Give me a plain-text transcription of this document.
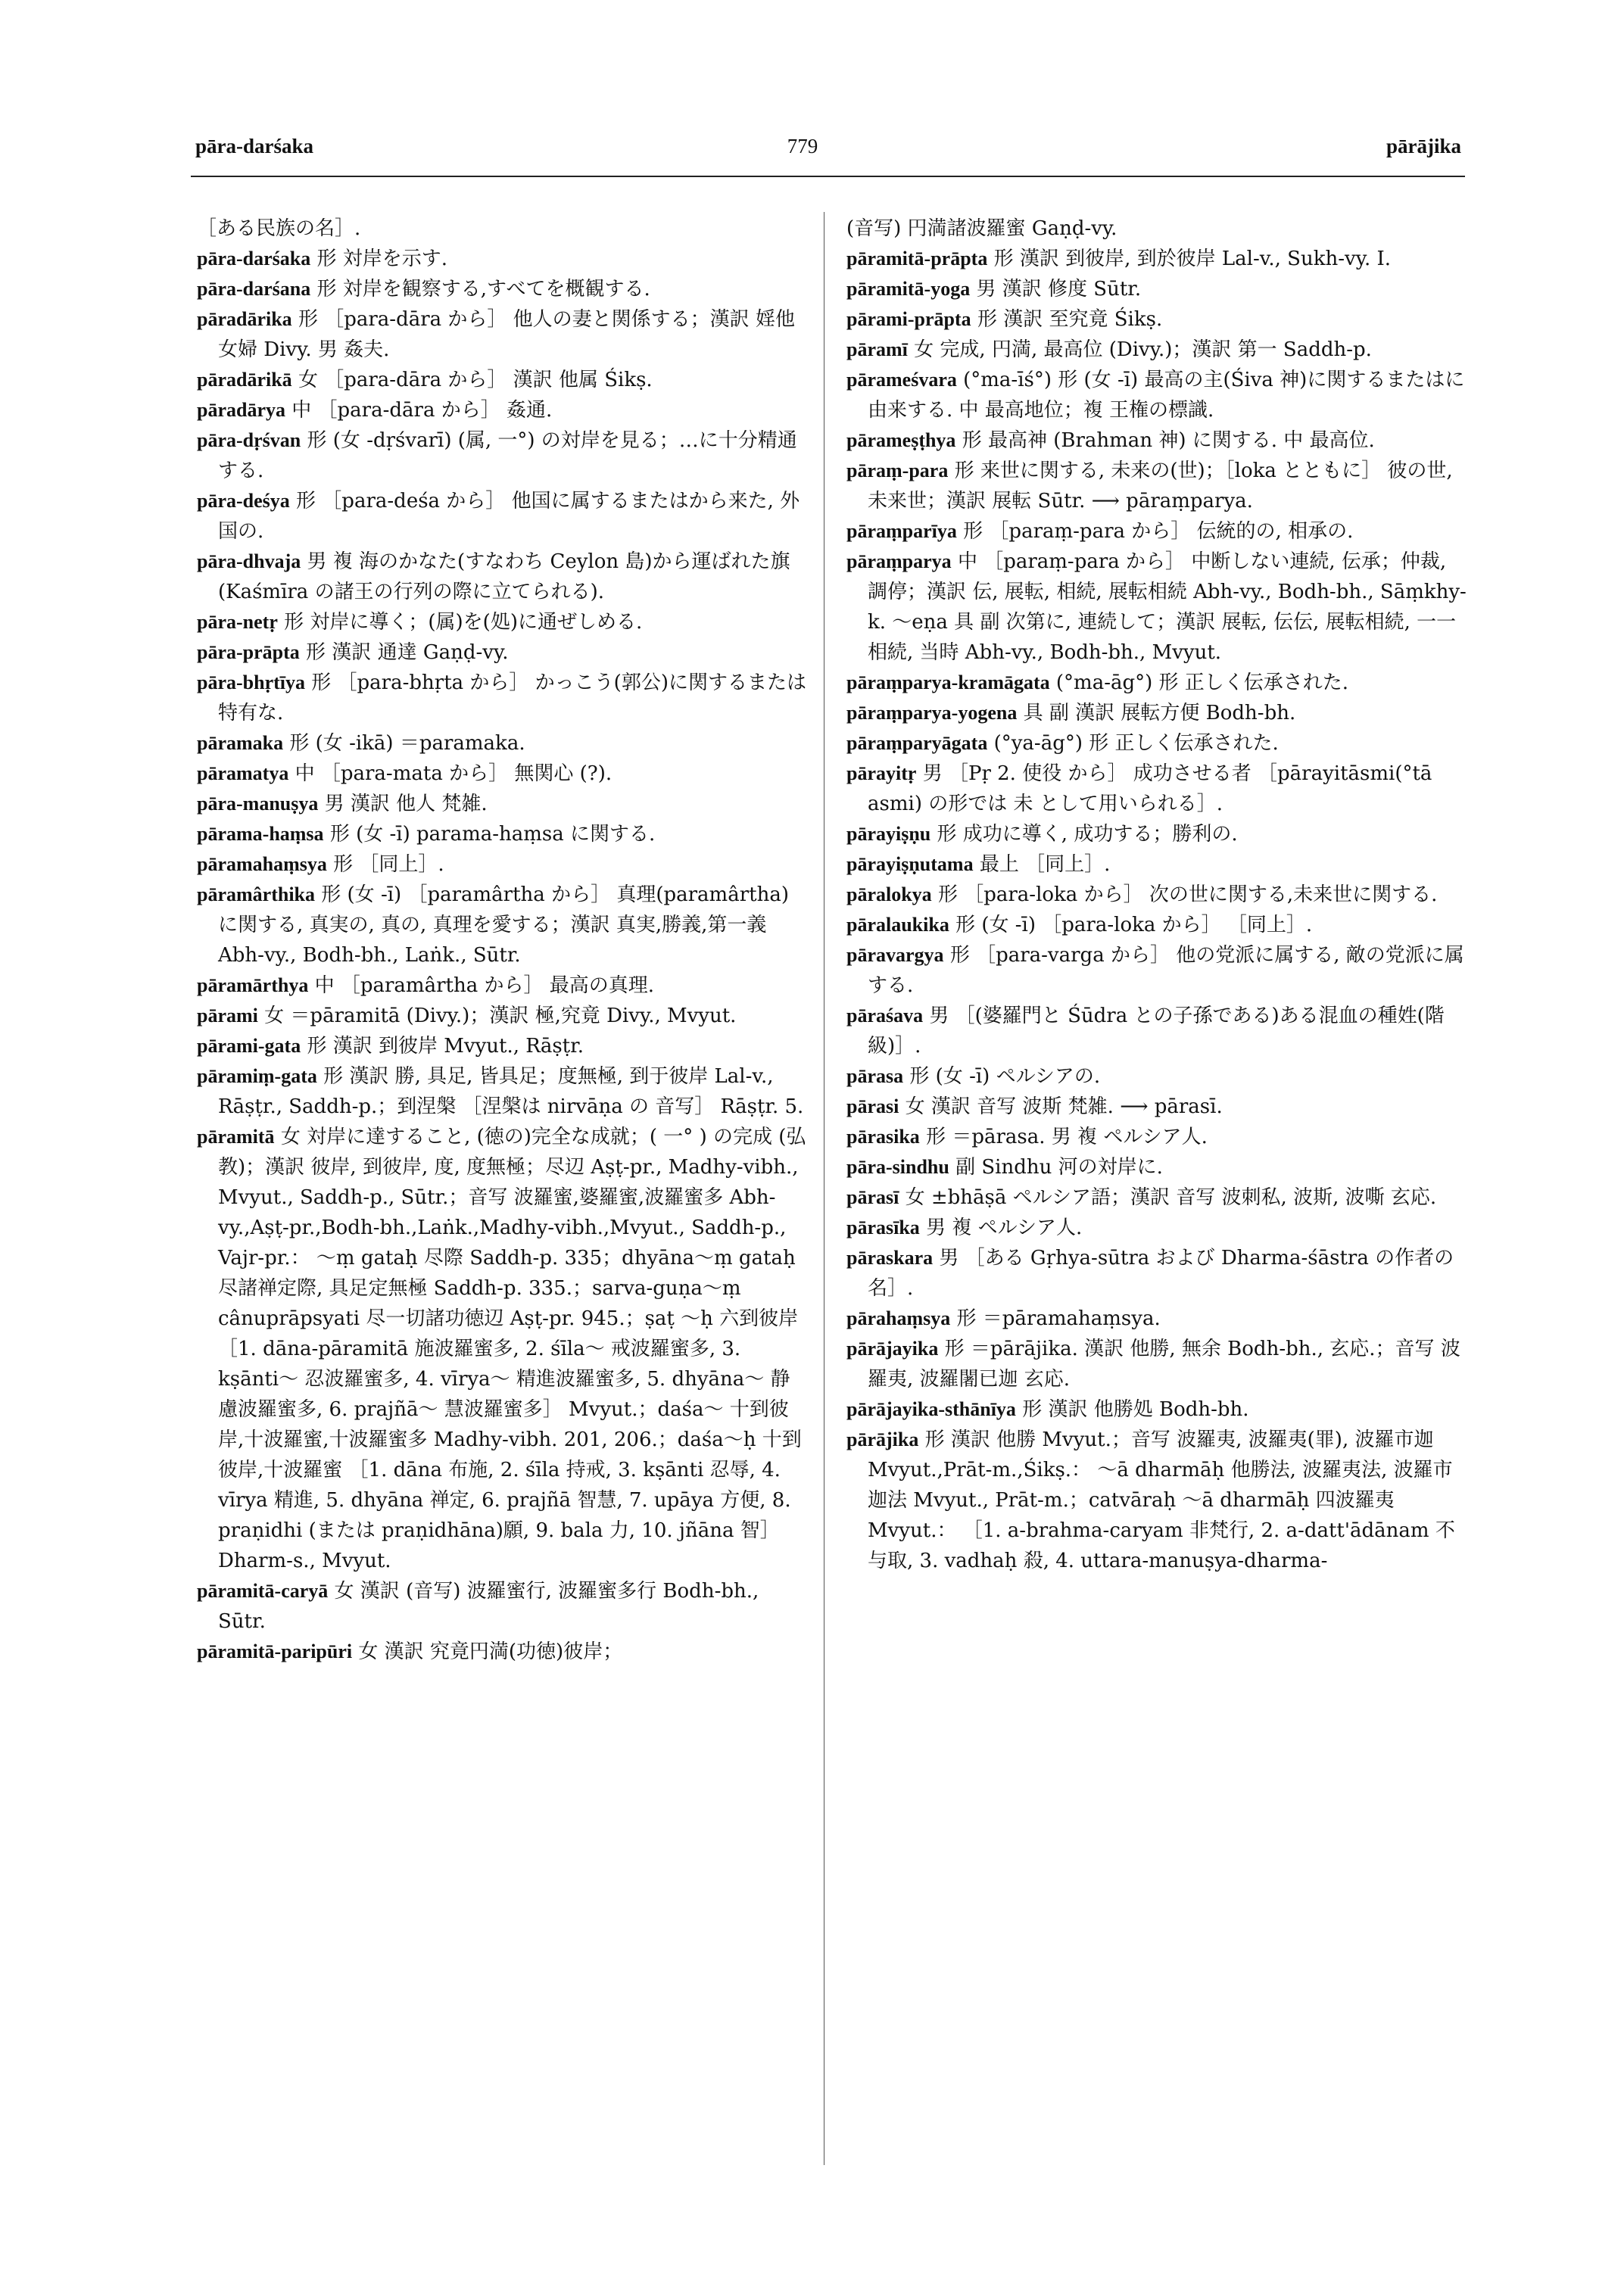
pāra-darśaka	779	pārājika
［ある民族の名］.
pāra-darśaka 形 対岸を示す.
pāra-darśana 形 対岸を観察する,すべてを概観する.
pāradārika 形 ［para-dāra から］ 他人の妻と関係する；漢訳 婬他女婦 Divy. 男 姦夫.
pāradārikā 女 ［para-dāra から］ 漢訳 他属 Śikṣ.
pāradārya 中 ［para-dāra から］ 姦通.
pāra-dṛśvan 形 (女 -dṛśvarī) (属, 一°) の対岸を見る；…に十分精通する.
pāra-deśya 形 ［para-deśa から］ 他国に属するまたはから来た, 外国の.
pāra-dhvaja 男 複 海のかなた(すなわち Ceylon 島)から運ばれた旗(Kaśmīra の諸王の行列の際に立てられる).
pāra-netṛ 形 対岸に導く；(属)を(処)に通ぜしめる.
pāra-prāpta 形 漢訳 通達 Gaṇḍ-vy.
pāra-bhṛtīya 形 ［para-bhṛta から］ かっこう(郭公)に関するまたは特有な.
pāramaka 形 (女 -ikā) ＝paramaka.
pāramatya 中 ［para-mata から］ 無関心 (?).
pāra-manuṣya 男 漢訳 他人 梵雑.
pārama-haṃsa 形 (女 -ī) parama-haṃsa に関する.
pāramahaṃsya 形 ［同上］.
pāramârthika 形 (女 -ī) ［paramârtha から］ 真理(paramârtha) に関する, 真実の, 真の, 真理を愛する；漢訳 真実,勝義,第一義 Abh-vy., Bodh-bh., Laṅk., Sūtr.
pāramārthya 中 ［paramârtha から］ 最高の真理.
pārami 女 ＝pāramitā (Divy.)；漢訳 極,究竟 Divy., Mvyut.
pārami-gata 形 漢訳 到彼岸 Mvyut., Rāṣṭr.
pāramiṃ-gata 形 漢訳 勝, 具足, 皆具足；度無極, 到于彼岸 Lal-v., Rāṣṭr., Saddh-p.；到涅槃 ［涅槃は nirvāṇa の 音写］ Rāṣṭr. 5.
pāramitā 女 対岸に達すること, (徳の)完全な成就；( 一° ) の完成 (弘教)；漢訳 彼岸, 到彼岸, 度, 度無極；尽辺 Aṣṭ-pr., Madhy-vibh., Mvyut., Saddh-p., Sūtr.；音写 波羅蜜,婆羅蜜,波羅蜜多 Abh-vy.,Aṣṭ-pr.,Bodh-bh.,Laṅk.,Madhy-vibh.,Mvyut., Saddh-p., Vajr-pr.： ～ṃ gataḥ 尽際 Saddh-p. 335；dhyāna～ṃ gataḥ 尽諸禅定際, 具足定無極 Saddh-p. 335.；sarva-guṇa～ṃ cânuprāpsyati 尽一切諸功徳辺 Aṣṭ-pr. 945.；ṣaṭ ～ḥ 六到彼岸 ［1. dāna-pāramitā 施波羅蜜多, 2. śīla～ 戒波羅蜜多, 3. kṣānti～ 忍波羅蜜多, 4. vīrya～ 精進波羅蜜多, 5. dhyāna～ 静慮波羅蜜多, 6. prajñā～ 慧波羅蜜多］ Mvyut.；daśa～ 十到彼岸,十波羅蜜,十波羅蜜多 Madhy-vibh. 201, 206.；daśa～ḥ 十到彼岸,十波羅蜜 ［1. dāna 布施, 2. śīla 持戒, 3. kṣānti 忍辱, 4. vīrya 精進, 5. dhyāna 禅定, 6. prajñā 智慧, 7. upāya 方便, 8. praṇidhi (または praṇidhāna)願, 9. bala 力, 10. jñāna 智］ Dharm-s., Mvyut.
pāramitā-caryā 女 漢訳 (音写) 波羅蜜行, 波羅蜜多行 Bodh-bh., Sūtr.
pāramitā-paripūri 女 漢訳 究竟円満(功徳)彼岸；
(音写) 円満諸波羅蜜 Gaṇḍ-vy.
pāramitā-prāpta 形 漢訳 到彼岸, 到於彼岸 Lal-v., Sukh-vy. I.
pāramitā-yoga 男 漢訳 修度 Sūtr.
pārami-prāpta 形 漢訳 至究竟 Śikṣ.
pāramī 女 完成, 円満, 最高位 (Divy.)；漢訳 第一 Saddh-p.
pārameśvara (°ma-īś°) 形 (女 -ī) 最高の主(Śiva 神)に関するまたはに由来する. 中 最高地位；複 王権の標識.
pārameṣṭhya 形 最高神 (Brahman 神) に関する. 中 最高位.
pāraṃ-para 形 来世に関する, 未来の(世)；［loka とともに］ 彼の世, 未来世；漢訳 展転 Sūtr. ⟶ pāraṃparya.
pāraṃparīya 形 ［paraṃ-para から］ 伝統的の, 相承の.
pāraṃparya 中 ［paraṃ-para から］ 中断しない連続, 伝承；仲裁, 調停；漢訳 伝, 展転, 相続, 展転相続 Abh-vy., Bodh-bh., Sāṃkhy-k. ～eṇa 具 副 次第に, 連続して；漢訳 展転, 伝伝, 展転相続, 一一相続, 当時 Abh-vy., Bodh-bh., Mvyut.
pāraṃparya-kramāgata (°ma-āg°) 形 正しく伝承された.
pāraṃparya-yogena 具 副 漢訳 展転方便 Bodh-bh.
pāraṃparyāgata (°ya-āg°) 形 正しく伝承された.
pārayitṛ 男 ［Pṛ 2. 使役 から］ 成功させる者 ［pārayitāsmi(°tā asmi) の形では 未 として用いられる］.
pārayiṣṇu 形 成功に導く, 成功する；勝利の.
pārayiṣṇutama 最上 ［同上］.
pāralokya 形 ［para-loka から］ 次の世に関する,未来世に関する.
pāralaukika 形 (女 -ī) ［para-loka から］ ［同上］.
pāravargya 形 ［para-varga から］ 他の党派に属する, 敵の党派に属する.
pāraśava 男 ［(婆羅門と Śūdra との子孫である)ある混血の種姓(階級)］.
pārasa 形 (女 -ī) ペルシアの.
pārasi 女 漢訳 音写 波斯 梵雑. ⟶ pārasī.
pārasika 形 ＝pārasa. 男 複 ペルシア人.
pāra-sindhu 副 Sindhu 河の対岸に.
pārasī 女 ±bhāṣā ペルシア語；漢訳 音写 波刺私, 波斯, 波嘶 玄応.
pārasīka 男 複 ペルシア人.
pāraskara 男 ［ある Gṛhya-sūtra および Dharma-śāstra の作者の名］.
pārahaṃsya 形 ＝pāramahaṃsya.
pārājayika 形 ＝pārājika. 漢訳 他勝, 無余 Bodh-bh., 玄応.；音写 波羅夷, 波羅闍已迦 玄応.
pārājayika-sthānīya 形 漢訳 他勝処 Bodh-bh.
pārājika 形 漢訳 他勝 Mvyut.；音写 波羅夷, 波羅夷(罪), 波羅市迦 Mvyut.,Prāt-m.,Śikṣ.： ～ā dharmāḥ 他勝法, 波羅夷法, 波羅市迦法 Mvyut., Prāt-m.；catvāraḥ ～ā dharmāḥ 四波羅夷 Mvyut.： ［1. a-brahma-caryam 非梵行, 2. a-datt'ādānam 不与取, 3. vadhaḥ 殺, 4. uttara-manuṣya-dharma-
